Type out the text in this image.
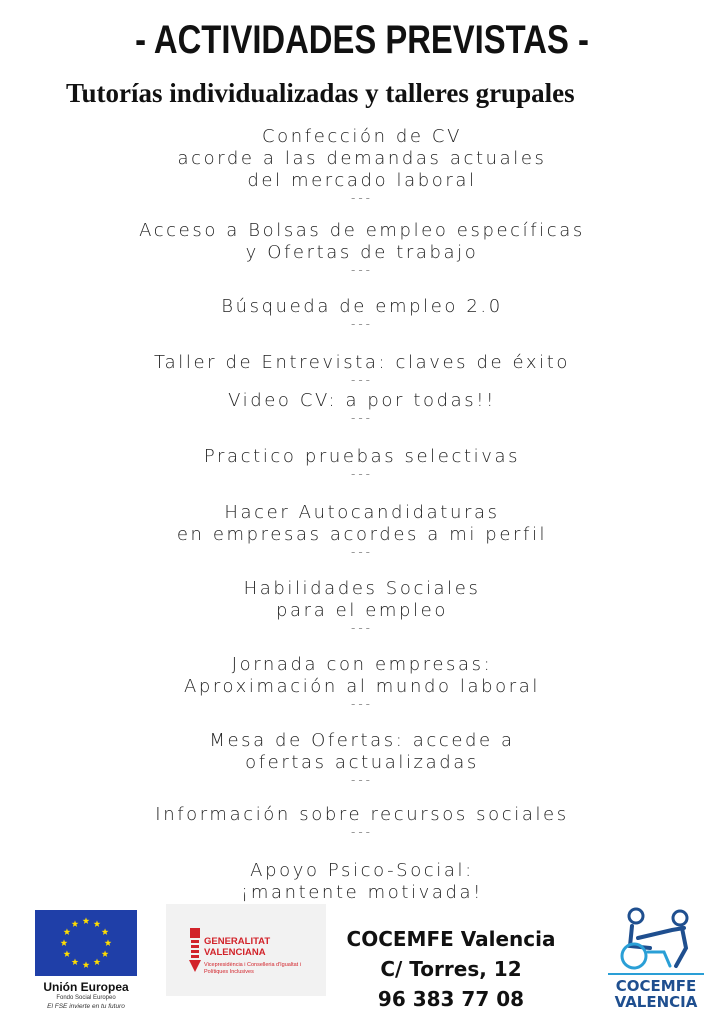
- ACTIVIDADES PREVISTAS -
Tutorías individualizadas y talleres grupales
Confección de CV
acorde a las demandas actuales
del mercado laboral
---
Acceso a Bolsas de empleo específicas
y Ofertas de trabajo
---
Búsqueda de empleo 2.0
---
Taller de Entrevista: claves de éxito
---
Video CV: a por todas!!
---
Practico pruebas selectivas
---
Hacer Autocandidaturas
en empresas acordes a mi perfil
---
Habilidades Sociales
para el empleo
---
Jornada con empresas:
Aproximación al mundo laboral
---
Mesa de Ofertas: accede a
ofertas actualizadas
---
Información sobre recursos sociales
---
Apoyo Psico-Social:
¡mantente motivada!
Unión Europea
Fondo Social Europeo
El FSE invierte en tu futuro
GENERALITAT
VALENCIANA
Vicepresidència i Conselleria d'Igualtat i Polítiques Inclusives
COCEMFE Valencia
C/ Torres, 12
96 383 77 08
COCEMFE
VALENCIA
